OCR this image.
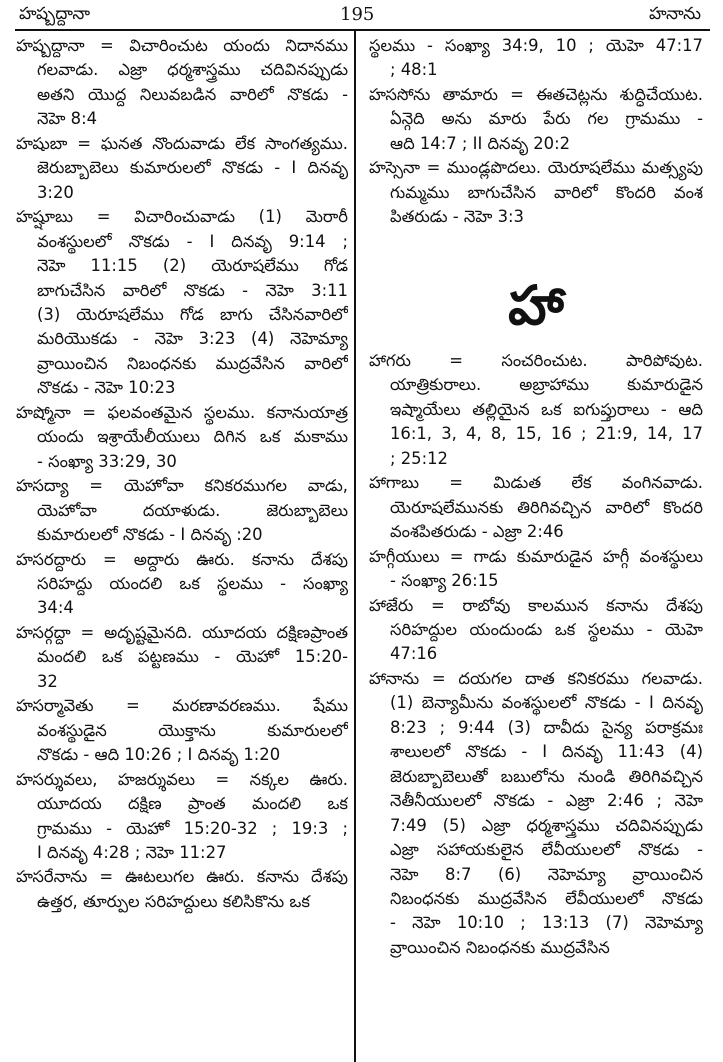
హష్బద్దానా	195	హనాను
హష్బద్దానా = విచారించుట యందు నిదానము
గలవాడు. ఎజ్రా ధర్మశాస్త్రము చదివినప్పుడు
అతని యొద్ద నిలువబడిన వారిలో నొకడు -
నెహె 8:4
హషుబా = ఘనత నొందువాడు లేక సాంగత్యము.
జెరుబ్బాబెలు కుమారులలో నొకడు - I దినవృ
3:20
హష్షూబు = విచారించువాడు (1) మెరారీ
వంశస్థులలో నొకడు - I దినవృ 9:14 ;
నెహె 11:15 (2) యెరూషలేము గోడ
బాగుచేసిన వారిలో నొకడు - నెహె 3:11
(3) యెరూషలేము గోడ బాగు చేసినవారిలో
మరియొకడు - నెహె 3:23 (4) నెహెమ్యా
వ్రాయించిన నిబంధనకు ముద్రవేసిన వారిలో
నొకడు - నెహె 10:23
హష్మోనా = ఫలవంతమైన స్థలము. కనానుయాత్ర
యందు ఇశ్రాయేలీయులు దిగిన ఒక మకాము
- సంఖ్యా 33:29, 30
హసద్యా = యెహోవా కనికరముగల వాడు,
యెహోవా దయాళుడు. జెరుబ్బాబెలు
కుమారులలో నొకడు - I దినవృ :20
హసరద్దారు = అద్దారు ఊరు. కనాను దేశపు
సరిహద్దు యందలి ఒక స్థలము - సంఖ్యా
34:4
హసర్గద్దా = అదృష్టమైనది. యూదయ దక్షిణప్రాంత
మందలి ఒక పట్టణము - యెహో 15:20-
32
హసర్మావెతు = మరణావరణము. షేము
వంశస్థుడైన యొక్తాను కుమారులలో
నొకడు - ఆది 10:26 ; I దినవృ 1:20
హసర్శువలు, హజర్శువలు = నక్కల ఊరు.
యూదయ దక్షిణ ప్రాంత మందలి ఒక
గ్రామము - యెహో 15:20-32 ; 19:3 ;
I దినవృ 4:28 ; నెహె 11:27
హసరేనాను = ఊటలుగల ఊరు. కనాను దేశపు
ఉత్తర, తూర్పుల సరిహద్దులు కలిసికొను ఒక
స్థలము - సంఖ్యా 34:9, 10 ; యెహె 47:17
; 48:1
హససోను తామారు = ఈతచెట్లను శుద్ధిచేయుట.
ఏన్గెది అను మారు పేరు గల గ్రామము -
ఆది 14:7 ; II దినవృ 20:2
హస్సెనా = ముండ్లపొదలు. యెరూషలేము మత్స్యపు
గుమ్మము బాగుచేసిన వారిలో కొందరి వంశ
పితరుడు - నెహె 3:3
హా
హాగరు = సంచరించుట. పారిపోవుట.
యాత్రికురాలు. అబ్రాహాము కుమారుడైన
ఇష్మాయేలు తల్లియైన ఒక ఐగుప్తురాలు - ఆది
16:1, 3, 4, 8, 15, 16 ; 21:9, 14, 17
; 25:12
హాగాబు = మిడుత లేక వంగినవాడు.
యెరూషలేమునకు తిరిగివచ్చిన వారిలో కొందరి
వంశపితరుడు - ఎజ్రా 2:46
హగ్గీయులు = గాడు కుమారుడైన హగ్గీ వంశస్థులు
- సంఖ్యా 26:15
హాజేరు = రాబోవు కాలమున కనాను దేశపు
సరిహద్దుల యందుండు ఒక స్థలము - యెహె
47:16
హానాను = దయగల దాత కనికరము గలవాడు.
(1) బెన్యామీను వంశస్థులలో నొకడు - I దినవృ
8:23 ; 9:44 (3) దావీదు సైన్య పరాక్రమః
శాలులలో నొకడు - I దినవృ 11:43 (4)
జెరుబ్బాబెలుతో బబులోను నుండి తిరిగివచ్చిన
నెతీనీయులలో నొకడు - ఎజ్రా 2:46 ; నెహె
7:49 (5) ఎజ్రా ధర్మశాస్త్రము చదివినప్పుడు
ఎజ్రా సహాయకులైన లేవీయులలో నొకడు -
నెహె 8:7 (6) నెహెమ్యా వ్రాయించిన
నిబంధనకు ముద్రవేసిన లేవీయులలో నొకడు
- నెహె 10:10 ; 13:13 (7) నెహెమ్యా
వ్రాయించిన నిబంధనకు ముద్రవేసిన
